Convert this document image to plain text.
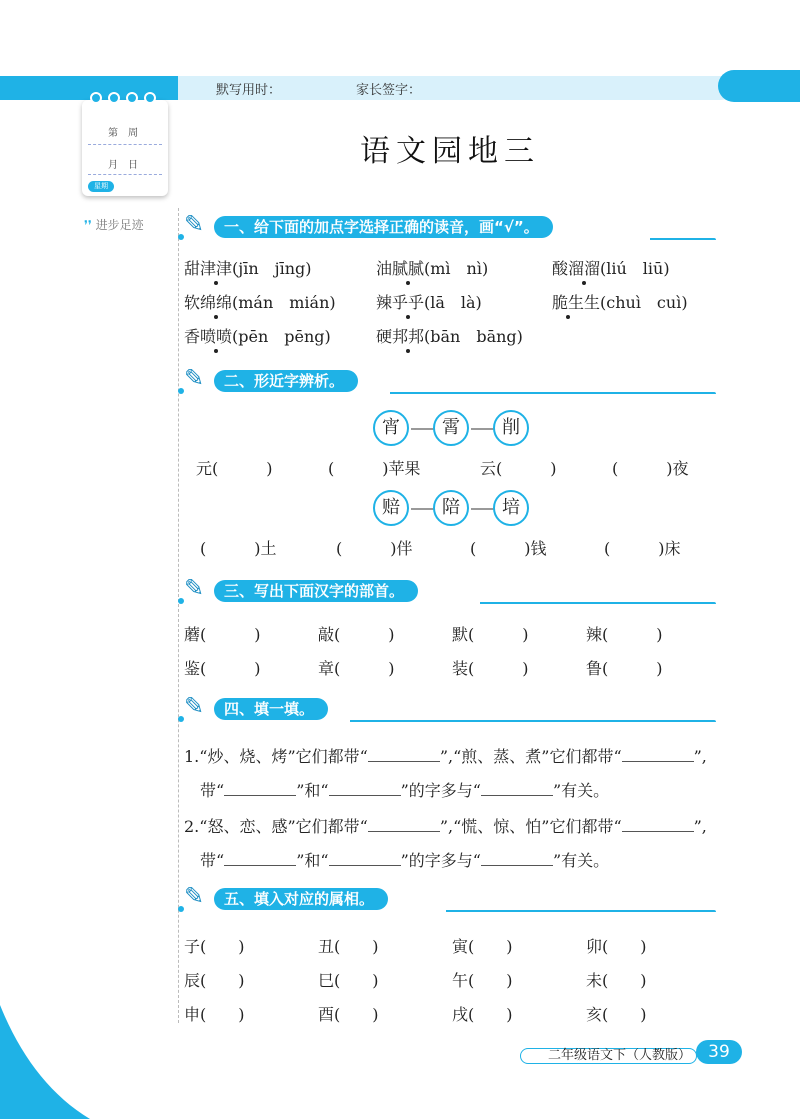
默写用时：	家长签字：
第　周
月　日
星期
❜❜ 进步足迹
语文园地三
✎	一、给下面的加点字选择正确的读音，画“√”。
甜津津(jīn　jīng)	油腻腻(mì　nì)	酸溜溜(liú　liū)
软绵绵(mán　mián)	辣乎乎(lā　là)	脆生生(chuì　cuì)
香喷喷(pēn　pēng)	硬邦邦(bān　bāng)
✎	二、形近字辨析。
宵	霄	削
元(　　　)	(　　　)苹果	云(　　　)	(　　　)夜
赔	陪	培
(　　　)土	(　　　)伴	(　　　)钱	(　　　)床
✎	三、写出下面汉字的部首。
蘑(　　　)	敲(　　　)	默(　　　)	辣(　　　)
鉴(　　　)	章(　　　)	装(　　　)	鲁(　　　)
✎	四、填一填。
1.“炒、烧、烤”它们都带“	”,“煎、蒸、煮”它们都带“	”,
带“	”和“	”的字多与“	”有关。
2.“怒、恋、感”它们都带“	”,“慌、惊、怕”它们都带“	”,
带“	”和“	”的字多与“	”有关。
✎	五、填入对应的属相。
子(　　)	丑(　　)	寅(　　)	卯(　　)
辰(　　)	巳(　　)	午(　　)	未(　　)
申(　　)	酉(　　)	戌(　　)	亥(　　)
二年级语文下（人教版）	39
